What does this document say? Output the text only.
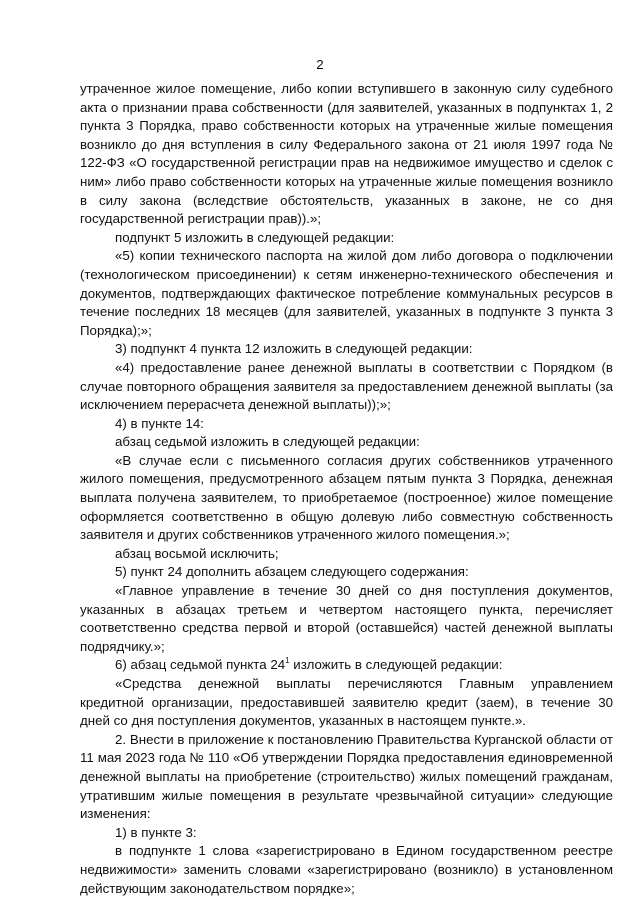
2

утраченное жилое помещение, либо копии вступившего в законную силу судебного акта о признании права собственности (для заявителей, указанных в подпунктах 1, 2 пункта 3 Порядка, право собственности которых на утраченные жилые помещения возникло до дня вступления в силу Федерального закона от 21 июля 1997 года № 122-ФЗ «О государственной регистрации прав на недвижимое имущество и сделок с ним» либо право собственности которых на утраченные жилые помещения возникло в силу закона (вследствие обстоятельств, указанных в законе, не со дня государственной регистрации прав)).»;

подпункт 5 изложить в следующей редакции:

«5) копии технического паспорта на жилой дом либо договора о подключении (технологическом присоединении) к сетям инженерно-технического обеспечения и документов, подтверждающих фактическое потребление коммунальных ресурсов в течение последних 18 месяцев (для заявителей, указанных в подпункте 3 пункта 3 Порядка);»;

3) подпункт 4 пункта 12 изложить в следующей редакции:

«4) предоставление ранее денежной выплаты в соответствии с Порядком (в случае повторного обращения заявителя за предоставлением денежной выплаты (за исключением перерасчета денежной выплаты));»;

4) в пункте 14:

абзац седьмой изложить в следующей редакции:

«В случае если с письменного согласия других собственников утраченного жилого помещения, предусмотренного абзацем пятым пункта 3 Порядка, денежная выплата получена заявителем, то приобретаемое (построенное) жилое помещение оформляется соответственно в общую долевую либо совместную собственность заявителя и других собственников утраченного жилого помещения.»;

абзац восьмой исключить;

5) пункт 24 дополнить абзацем следующего содержания:

«Главное управление в течение 30 дней со дня поступления документов, указанных в абзацах третьем и четвертом настоящего пункта, перечисляет соответственно средства первой и второй (оставшейся) частей денежной выплаты подрядчику.»;

6) абзац седьмой пункта $24^1$ изложить в следующей редакции:

«Средства денежной выплаты перечисляются Главным управлением кредитной организации, предоставившей заявителю кредит (заем), в течение 30 дней со дня поступления документов, указанных в настоящем пункте.».

2. Внести в приложение к постановлению Правительства Курганской области от 11 мая 2023 года № 110 «Об утверждении Порядка предоставления единовременной денежной выплаты на приобретение (строительство) жилых помещений гражданам, утратившим жилые помещения в результате чрезвычайной ситуации» следующие изменения:

1) в пункте 3:

в подпункте 1 слова «зарегистрировано в Едином государственном реестре недвижимости» заменить словами «зарегистрировано (возникло) в установленном действующим законодательством порядке»;
